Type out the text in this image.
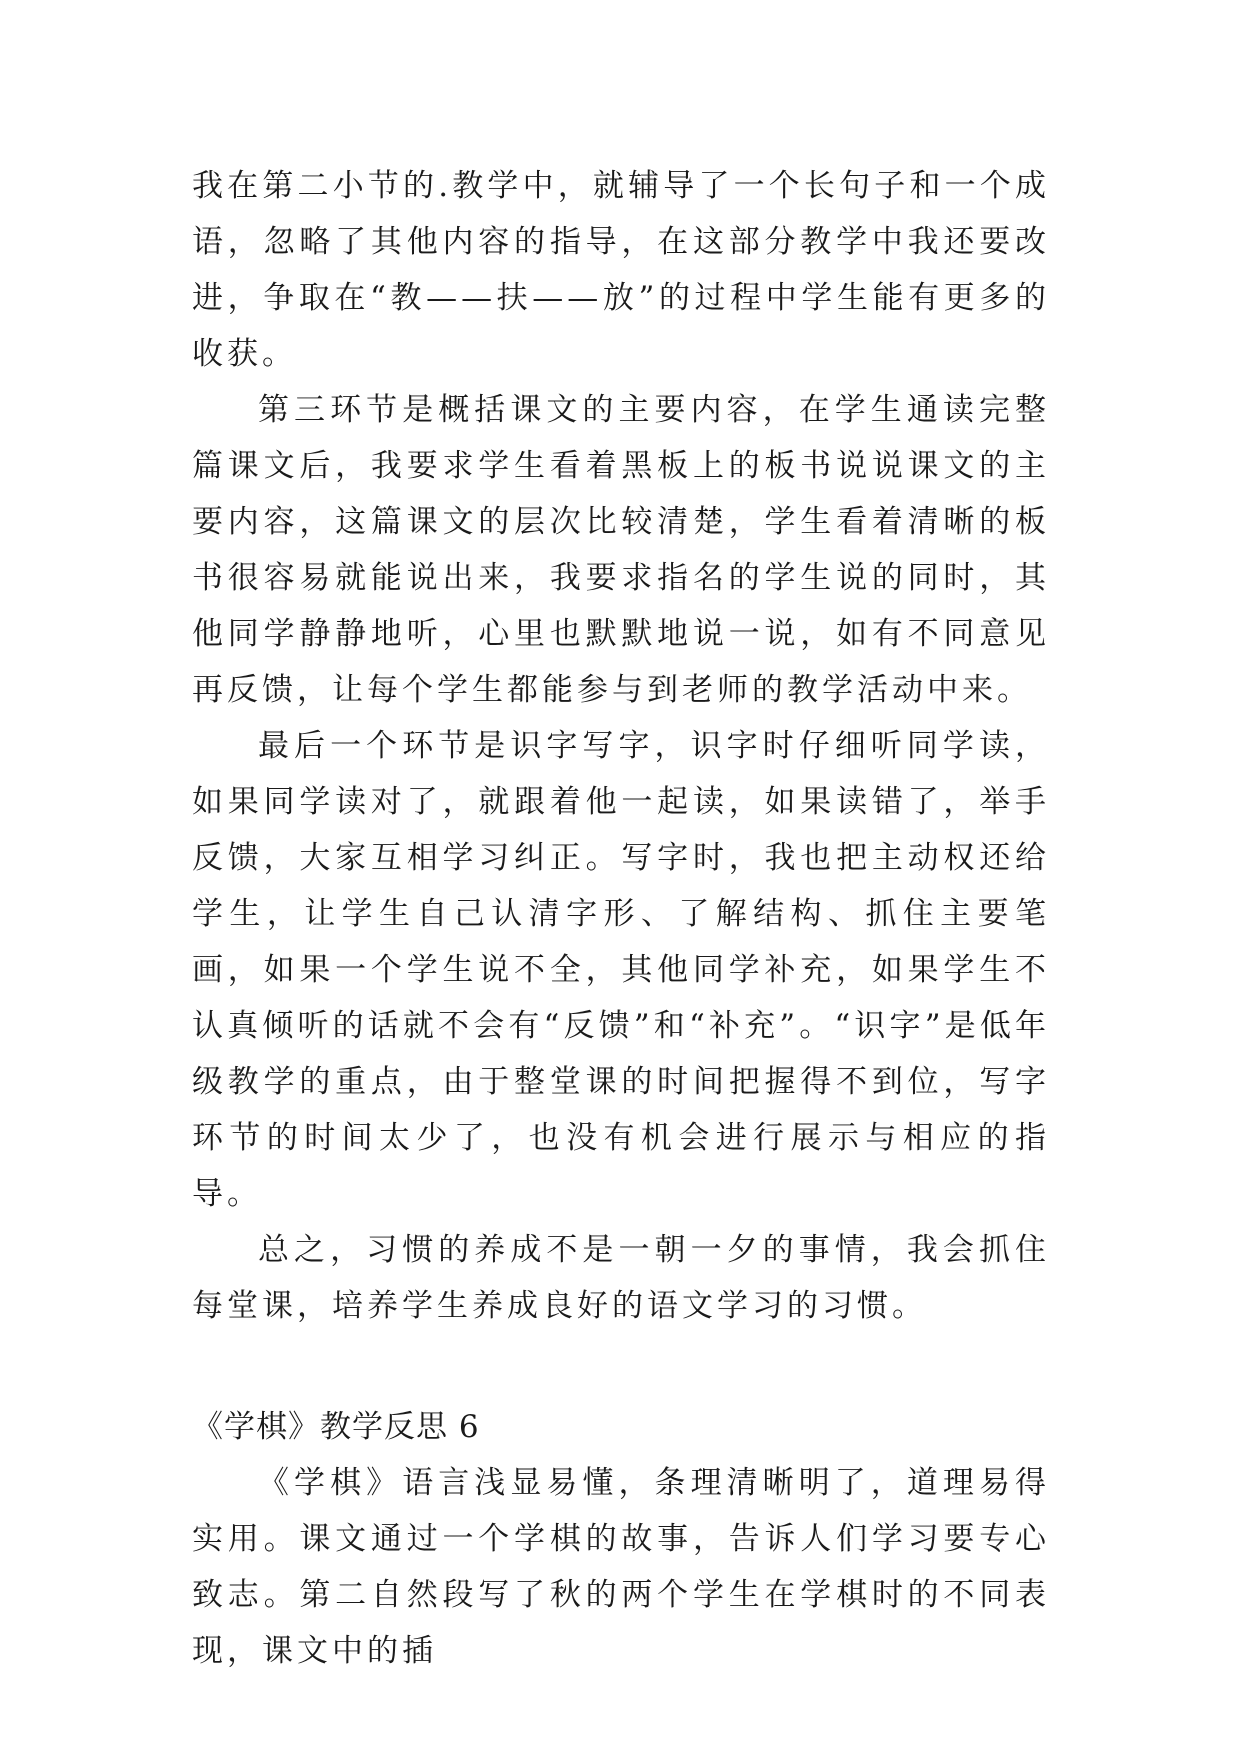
我在第二小节的.教学中，就辅导了一个长句子和一个成语，忽略了其他内容的指导，在这部分教学中我还要改进，争取在“教——扶——放”的过程中学生能有更多的收获。

第三环节是概括课文的主要内容，在学生通读完整篇课文后，我要求学生看着黑板上的板书说说课文的主要内容，这篇课文的层次比较清楚，学生看着清晰的板书很容易就能说出来，我要求指名的学生说的同时，其他同学静静地听，心里也默默地说一说，如有不同意见再反馈，让每个学生都能参与到老师的教学活动中来。

最后一个环节是识字写字，识字时仔细听同学读，如果同学读对了，就跟着他一起读，如果读错了，举手反馈，大家互相学习纠正。写字时，我也把主动权还给学生，让学生自己认清字形、了解结构、抓住主要笔画，如果一个学生说不全，其他同学补充，如果学生不认真倾听的话就不会有“反馈”和“补充”。“识字”是低年级教学的重点，由于整堂课的时间把握得不到位，写字环节的时间太少了，也没有机会进行展示与相应的指导。

总之，习惯的养成不是一朝一夕的事情，我会抓住每堂课，培养学生养成良好的语文学习的习惯。

《学棋》教学反思 6

《学棋》语言浅显易懂，条理清晰明了，道理易得实用。课文通过一个学棋的故事，告诉人们学习要专心致志。第二自然段写了秋的两个学生在学棋时的不同表现，课文中的插
